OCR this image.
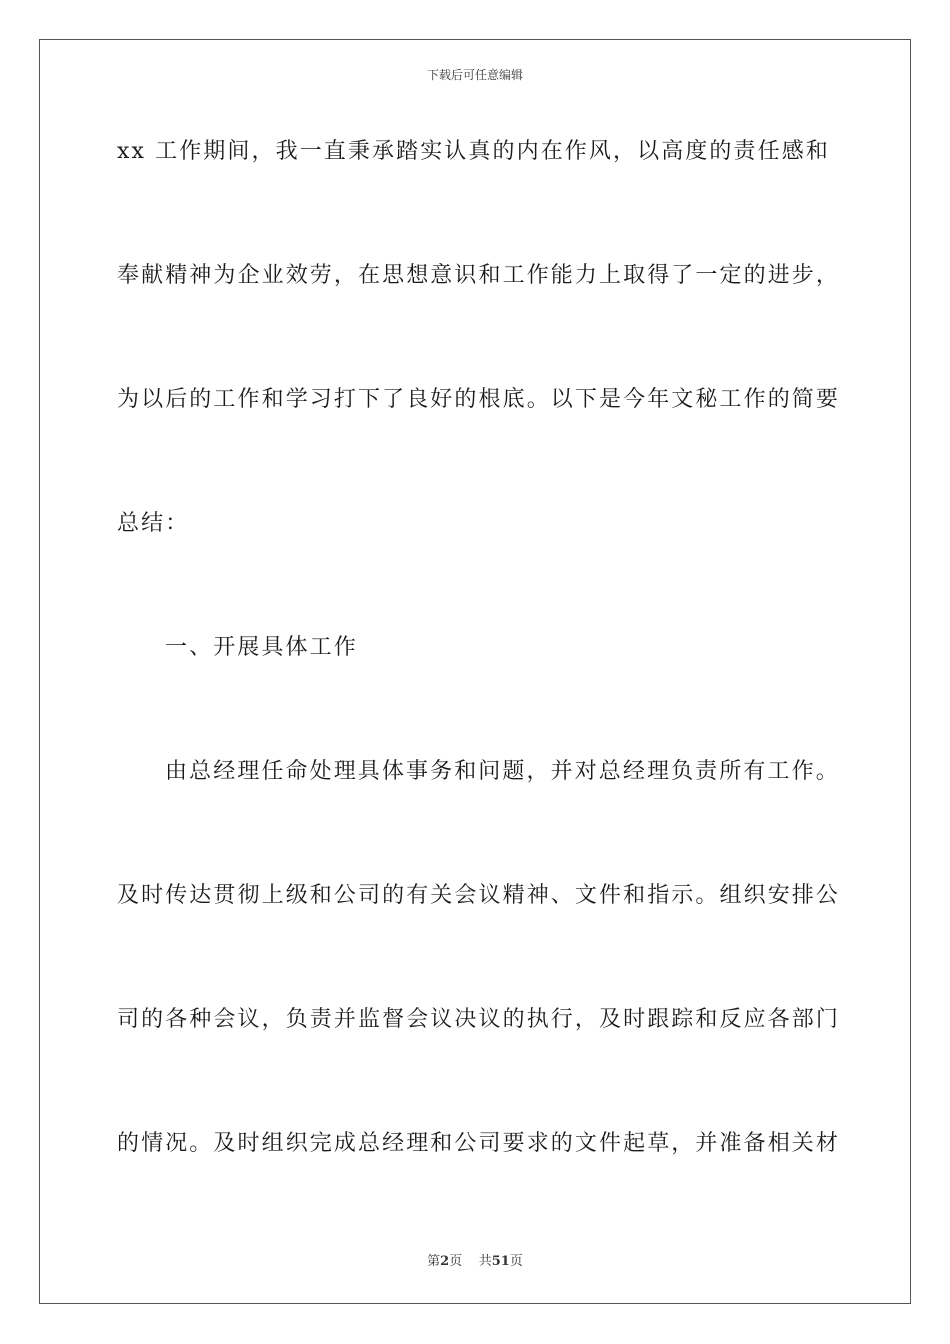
下载后可任意编辑
xx 工作期间，我一直秉承踏实认真的内在作风，以高度的责任感和
奉献精神为企业效劳，在思想意识和工作能力上取得了一定的进步，
为以后的工作和学习打下了良好的根底。以下是今年文秘工作的简要
总结：
一、开展具体工作
由总经理任命处理具体事务和问题，并对总经理负责所有工作。
及时传达贯彻上级和公司的有关会议精神、文件和指示。组织安排公
司的各种会议，负责并监督会议决议的执行，及时跟踪和反应各部门
的情况。及时组织完成总经理和公司要求的文件起草，并准备相关材
第2页    共51页
